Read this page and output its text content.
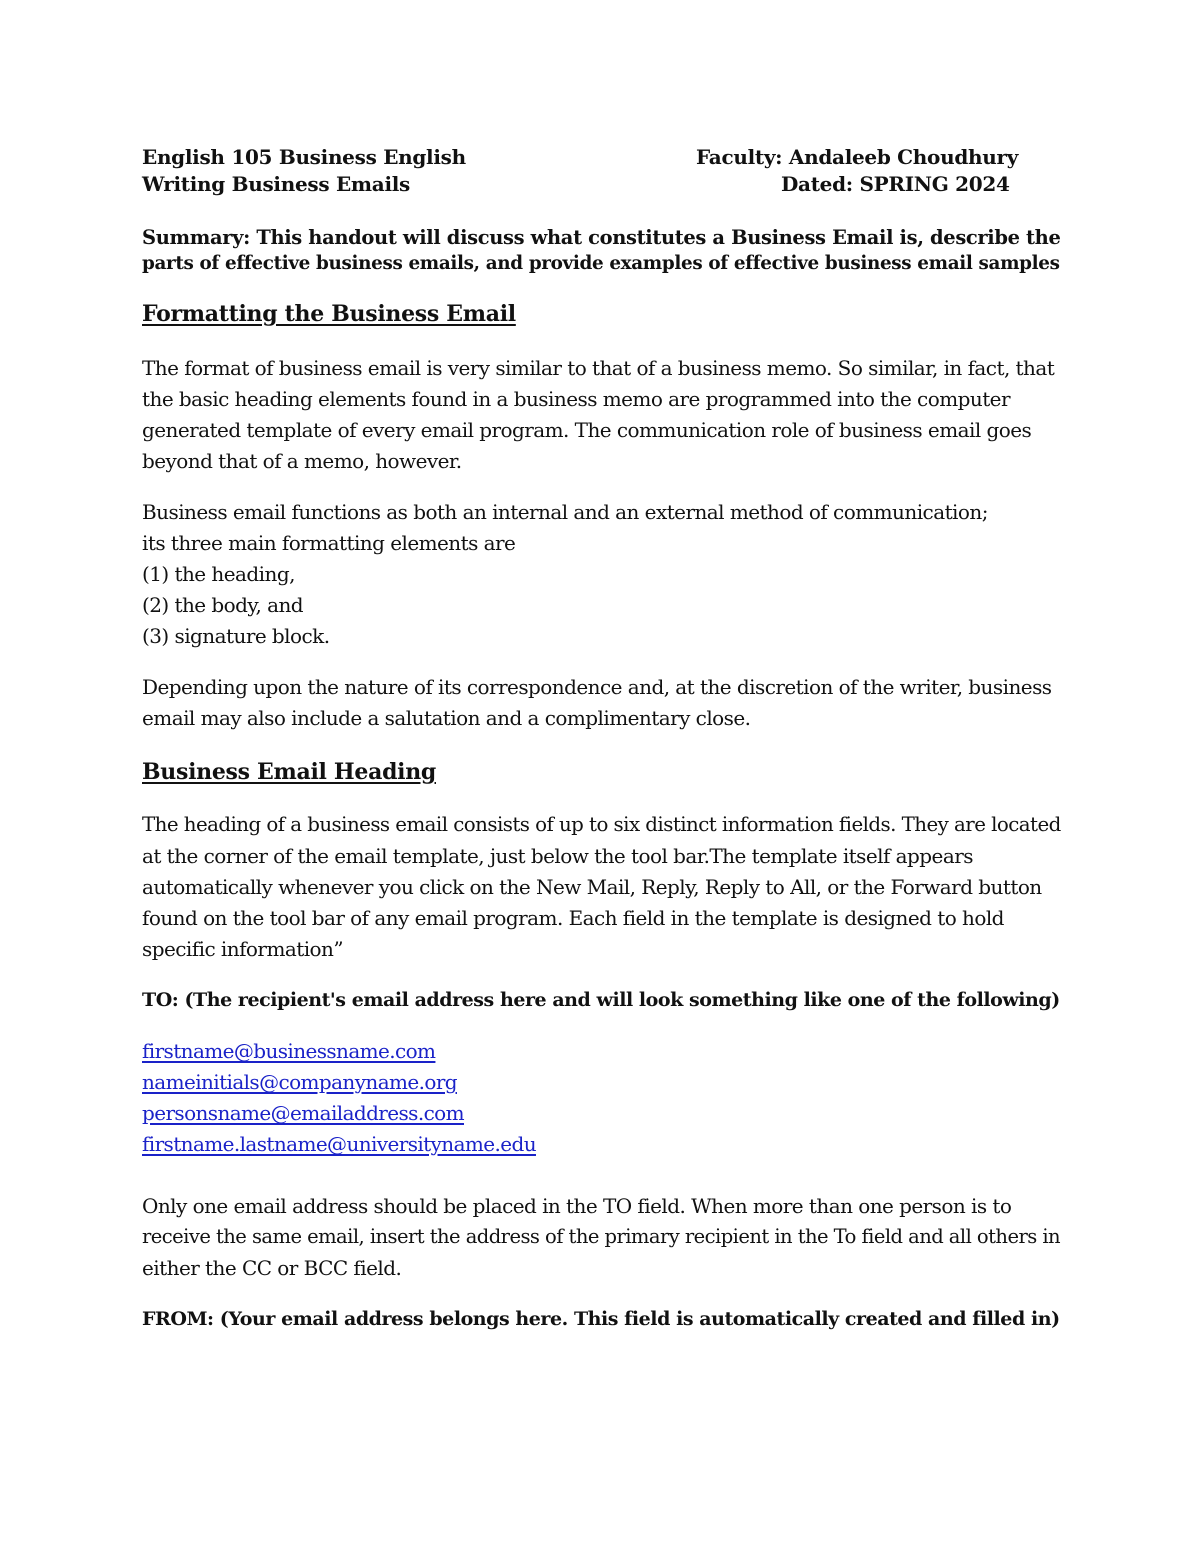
English 105 Business English	Faculty: Andaleeb Choudhury
Writing Business Emails	Dated: SPRING 2024
Summary: This handout will discuss what constitutes a Business Email is, describe the
parts of effective business emails, and provide examples of effective business email samples
Formatting the Business Email
The format of business email is very similar to that of a business memo. So similar, in fact, that
the basic heading elements found in a business memo are programmed into the computer
generated template of every email program. The communication role of business email goes
beyond that of a memo, however.
Business email functions as both an internal and an external method of communication;
its three main formatting elements are
(1) the heading,
(2) the body, and
(3) signature block.
Depending upon the nature of its correspondence and, at the discretion of the writer, business
email may also include a salutation and a complimentary close.
Business Email Heading
The heading of a business email consists of up to six distinct information fields. They are located
at the corner of the email template, just below the tool bar.The template itself appears
automatically whenever you click on the New Mail, Reply, Reply to All, or the Forward button
found on the tool bar of any email program. Each field in the template is designed to hold
specific information”
TO: (The recipient's email address here and will look something like one of the following)
firstname@businessname.com
nameinitials@companyname.org
personsname@emailaddress.com
firstname.lastname@universityname.edu
Only one email address should be placed in the TO field. When more than one person is to
receive the same email, insert the address of the primary recipient in the To field and all others in
either the CC or BCC field.
FROM: (Your email address belongs here. This field is automatically created and filled in)
